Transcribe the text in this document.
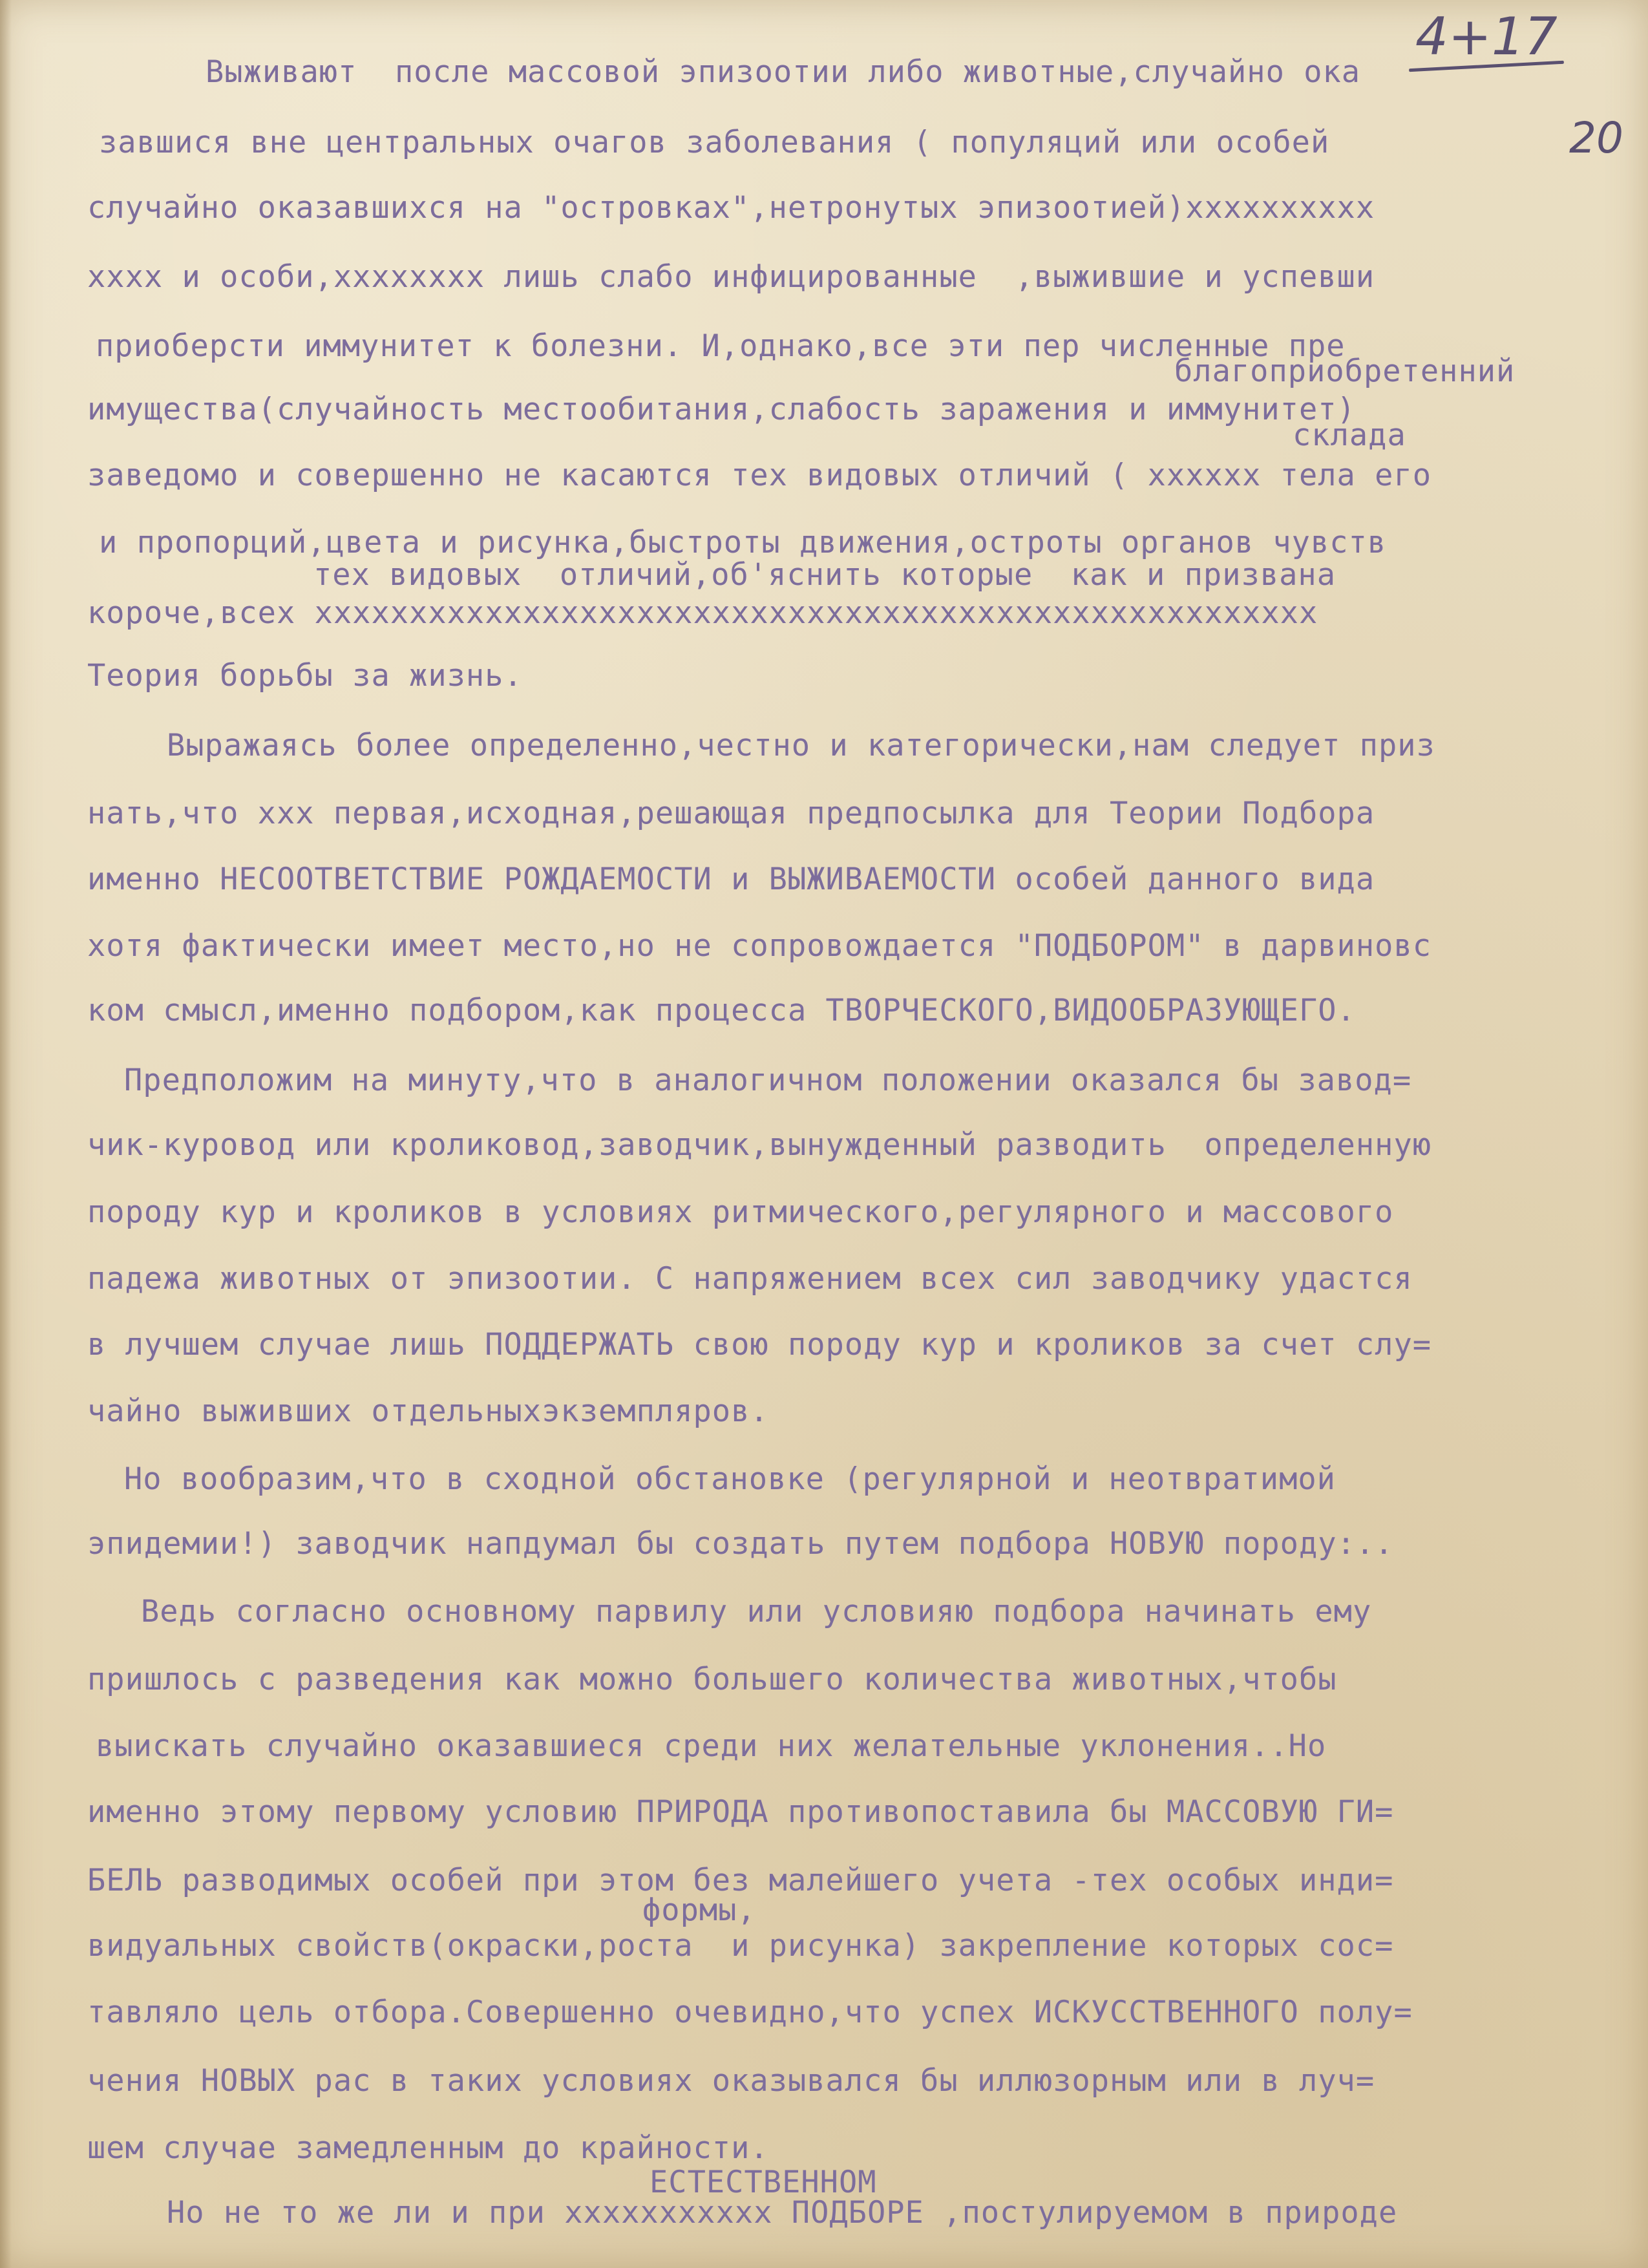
4+17
20
Выживают  после массовой эпизоотии либо животные,случайно ока
завшися вне центральных очагов заболевания ( популяций или особей
случайно оказавшихся на "островках",нетронутых эпизоотией)хххххххххх
хххх и особи,хххххххх лишь слабо инфицированные  ,выжившие и успевши
приоберсти иммунитет к болезни. И,однако,все эти пер численные пре
благоприобретенний
имущества(случайность местообитания,слабость заражения и иммунитет)
склада
заведомо и совершенно не касаются тех видовых отличий ( хххххх тела его
и пропорций,цвета и рисунка,быстроты движения,остроты органов чувств
тех видовых  отличий,об'яснить которые  как и призвана
короче,всех ххххххххххххххххххххххххххххххххххххххххххххххххххххх
Теория борьбы за жизнь.
Выражаясь более определенно,честно и категорически,нам следует приз
нать,что ххх первая,исходная,решающая предпосылка для Теории Подбора
именно НЕСООТВЕТСТВИЕ РОЖДАЕМОСТИ и ВЫЖИВАЕМОСТИ особей данного вида
хотя фактически имеет место,но не сопровождается "ПОДБОРОМ" в дарвиновс
ком смысл,именно подбором,как процесса ТВОРЧЕСКОГО,ВИДООБРАЗУЮЩЕГО.
Предположим на минуту,что в аналогичном положении оказался бы завод=
чик-куровод или кроликовод,заводчик,вынужденный разводить  определенную
породу кур и кроликов в условиях ритмического,регулярного и массового
падежа животных от эпизоотии. С напряжением всех сил заводчику удастся
в лучшем случае лишь ПОДДЕРЖАТЬ свою породу кур и кроликов за счет слу=
чайно выживших отдельныхэкземпляров.
Но вообразим,что в сходной обстановке (регулярной и неотвратимой
эпидемии!) заводчик напдумал бы создать путем подбора НОВУЮ породу:..
Ведь согласно основному парвилу или условияю подбора начинать ему
пришлось с разведения как можно большего количества животных,чтобы
выискать случайно оказавшиеся среди них желательные уклонения..Но
именно этому первому условию ПРИРОДА противопоставила бы МАССОВУЮ ГИ=
БЕЛЬ разводимых особей при этом без малейшего учета -тех особых инди=
формы,
видуальных свойств(окраски,роста  и рисунка) закрепление которых сос=
тавляло цель отбора.Совершенно очевидно,что успех ИСКУССТВЕННОГО полу=
чения НОВЫХ рас в таких условиях оказывался бы иллюзорным или в луч=
шем случае замедленным до крайности.
ЕСТЕСТВЕННОМ
Но не то же ли и при ххххххххххх ПОДБОРЕ ,постулируемом в природе
